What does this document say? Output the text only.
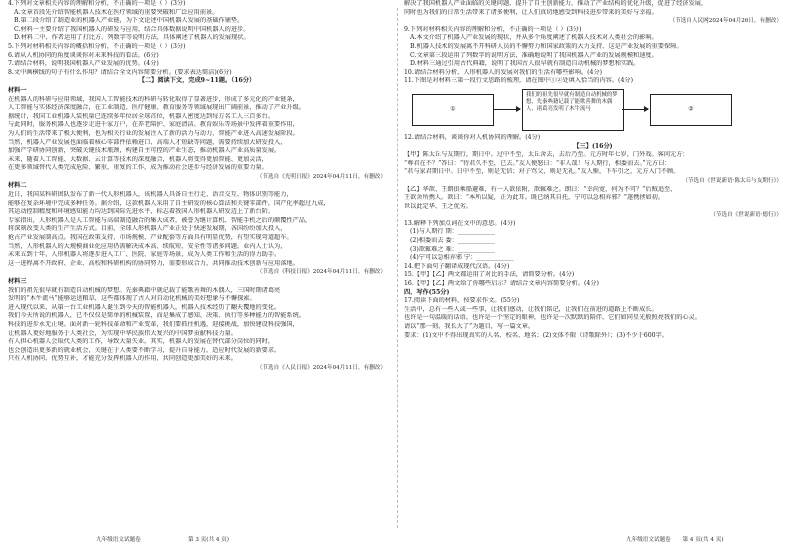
4.下列对文章相关内容的理解和分析，不正确的一项是（ ）(3分)
A.文章首段先介绍智能机器人技术在医疗领域的重要突破和广泛应用前景。
B.第二段介绍了制造业的机器人产业链，为下文论述中国机器人发展的基础作铺垫。
C.材料一主要介绍了我国机器人的研发与应用，结合具体数据说明中国机器人的进步。
D.材料二中，作者运用了打比方、列数字等说明方法，具体阐述了机器人的发展现状。
5.下列对材料相关内容的概括和分析，不正确的一项是（ ）(3分)
6.请从人机协同的角度谈谈你对未来科技的看法。(6分)
7.请结合材料，说明我国机器人产业发展的优势。(4分)
8.文中画横线的句子有什么作用？请结合全文内容简要分析。(要求表达简洁)(6分)
【二】阅读下文，完成9~11题。（16分）
材料一
在机器人的科研与应用领域，我国人工智能技术的科研与转化取得了显著进步，形成了多元化的产业链条，
人工智能与实体经济深度融合，在工业制造、医疗健康、教育服务等领域展现出广阔前景，推动了产业升级。
据统计，我国工业机器人装机量已连续多年位居全球首位，机器人密度达到每万名工人三百多台。
与此同时，服务机器人也逐步走进千家万户，在养老陪护、家庭清洁、教育娱乐等场景中发挥着重要作用，
为人们的生活带来了极大便利，也为相关行业的发展注入了新的活力与动力，智能产业进入高速发展阶段。
当然，机器人产业发展也面临着核心零部件依赖进口、高端人才短缺等问题，需要持续加大研发投入，
加强产学研协同创新，突破关键技术瓶颈，构建自主可控的产业生态，推动机器人产业高质量发展。
未来，随着人工智能、大数据、云计算等技术的深度融合，机器人将变得更加智能、更加灵活，
在更多领域替代人类完成危险、繁重、重复的工作，成为推动社会进步与经济发展的重要力量。
（节选自《光明日报》2024年04月11日，有删改）
材料二
近日，我国某科研团队发布了新一代人形机器人，该机器人具备自主行走、语音交互、物体识别等能力，
能够在复杂环境中完成多种任务。据介绍，这款机器人采用了自主研发的核心算法和关键零部件，国产化率超过九成，
其运动控制精度和环境感知能力均达到国际先进水平，标志着我国人形机器人研发迈上了新台阶。
专家指出，人形机器人是人工智能与高端制造融合的集大成者，被誉为继计算机、智能手机之后的颠覆性产品，
将深刻改变人类的生产生活方式。目前，全球人形机器人产业正处于快速发展期，各国纷纷加大投入，
抢占产业发展制高点。我国在政策支持、市场规模、产业配套等方面具有明显优势，有望实现弯道超车。
当然，人形机器人的大规模商业化应用仍需解决成本高、续航短、安全性等诸多问题。业内人士认为，
未来五到十年，人形机器人将逐步进入工厂、医院、家庭等场景，成为人类工作和生活的得力助手。
这一进程离不开政府、企业、高校和科研机构的协同努力，需要形成合力，共同推动技术创新与应用落地。
（节选自《科技日报》2024年04月11日，有删改）
材料三
我们的祖先很早就有制造自动机械的梦想。先秦典籍中就记载了能歌善舞的木偶人，三国时期诸葛亮
发明的“木牛流马”能够运送粮草，这些都体现了古人对自动化机械的美好想象与不懈探索。
进入现代以来，从第一台工业机器人诞生到今天的智能机器人，机器人技术经历了翻天覆地的变化。
我们今天所说的机器人，已不仅仅是简单的机械装置，而是集成了感知、决策、执行等多种能力的智能系统。
科技的进步永无止境。面对新一轮科技革命和产业变革，我们要抓住机遇，迎接挑战，加快建设科技强国，
让机器人更好地服务于人类社会，为实现中华民族伟大复兴的中国梦贡献科技力量。
有人担心机器人会取代人类的工作，导致大量失业。其实，机器人的发展在替代部分岗位的同时，
也会创造出更多新的就业机会，关键在于人类要不断学习，提升自身能力，适应时代发展的新要求。
只有人机协同、优势互补，才能充分发挥机器人的作用，共同创造更加美好的未来。
（节选自《人民日报》2024年04月11日，有删改）
九年级语文试题卷	第 3 页(共 4 页)
解决了我国机器人产业面临的关键问题，提升了自主创新能力，推动了产业结构的优化升级，促进了经济发展，
同时也为我们的日常生活带来了诸多便利，让人们真切地感受到科技进步带来的美好与幸福。
（节选自人民网2024年04月26日，有删改）
9.下列对材料相关内容的理解和分析，不正确的一项是（ ）(3分)
A.本文介绍了机器人产业发展的现状，并从多个角度阐述了机器人技术对人类社会的影响。
B.机器人技术的发展离不开科研人员的不懈努力和国家政策的大力支持，这是产业发展的重要保障。
C.文章第三段运用了列数字的说明方法，准确地说明了我国机器人产业的发展规模和速度。
D.材料三通过引用古代典籍，说明了我国古人很早就有制造自动机械的梦想和实践。
10.请结合材料分析，人形机器人的发展对我们的生活有哪些影响。(4分)
11.下图是对材料三第一段行文思路的梳理，请在图中①②处填入恰当的内容。(4分)
①
我们的祖先很早就有制造自动机械的梦想，先秦典籍记载了能歌善舞的木偶人，诸葛亮发明了木牛流马	②
12.请结合材料，谈谈你对人机协同的理解。(4分)
【三】(16分)
【甲】陈太丘与友期行，期日中。过中不至，太丘舍去，去后乃至。元方时年七岁，门外戏。客问元方：
“尊君在不？”答曰：“待君久不至，已去。”友人便怒曰：“非人哉！与人期行，相委而去。”元方曰：
“君与家君期日中。日中不至，则是无信；对子骂父，则是无礼。”友人惭，下车引之，元方入门不顾。
（节选自《世说新语·陈太丘与友期行》）
【乙】华歆、王朗俱乘船避难，有一人欲依附，歆辄难之。朗曰：“幸尚宽，何为不可？”后贼追至，
王欲舍所携人。歆曰：“本所以疑，正为此耳。既已纳其自托，宁可以急相弃邪？”遂携拯如初。
世以此定华、王之优劣。
（节选自《世说新语·德行》）
13.解释下列加点词在文中的意思。(4分)
(1)与人期行 期：____________
(2)相委而去 委：____________
(3)歆辄难之 难：____________
(4)宁可以急相弃邪 宁：____________
14.把下面句子翻译成现代汉语。(4分)
15.【甲】【乙】两文都运用了对比的手法，请简要分析。(4分)
16.【甲】【乙】两文给了你哪些启示？请结合文章内容简要分析。(4分)
四、写作(55分)
17.阅读下面的材料，按要求作文。(55分)
生活中，总有一些人或一些事，让我们感动，让我们铭记，让我们在前进的道路上不断成长。
也许是一句温暖的话语，也许是一个坚定的眼神，也许是一次默默的陪伴，它们如同星光般照亮我们的心灵。
请以“那一刻，我长大了”为题目，写一篇文章。
要求：(1)文中不得出现真实的人名、校名、地名；(2)文体不限（诗歌除外）；(3)不少于600字。
九年级语文试题卷 第 4 页(共 4 页)
